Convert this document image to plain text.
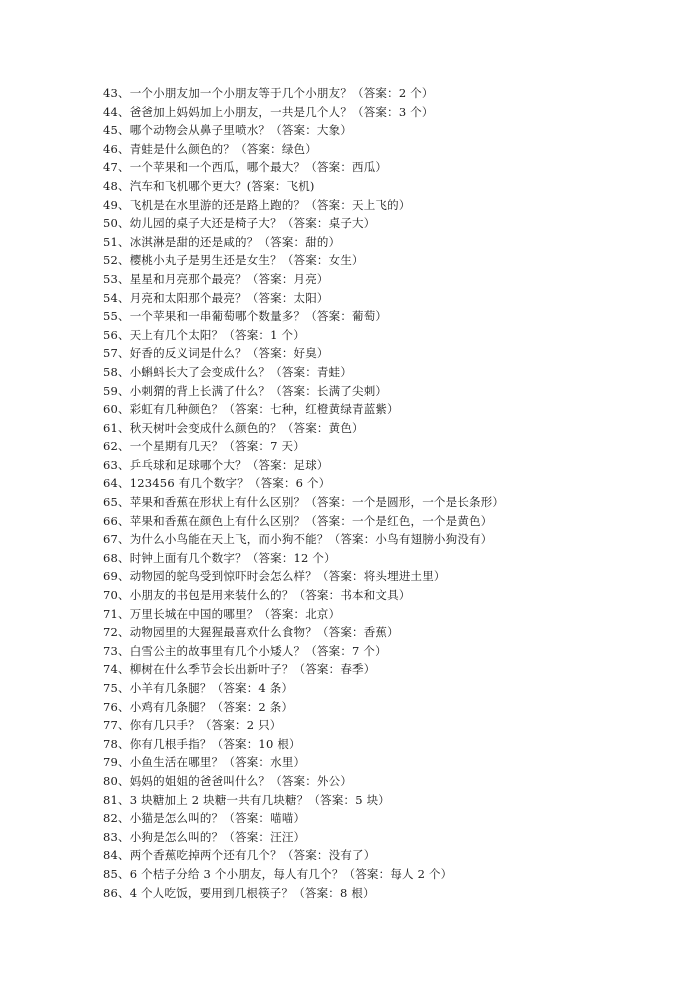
43、一个小朋友加一个小朋友等于几个小朋友？（答案：2 个）
44、爸爸加上妈妈加上小朋友，一共是几个人？（答案：3 个）
45、哪个动物会从鼻子里喷水？（答案：大象）
46、青蛙是什么颜色的？（答案：绿色）
47、一个苹果和一个西瓜，哪个最大？（答案：西瓜）
48、汽车和飞机哪个更大？(答案：飞机)
49、飞机是在水里游的还是路上跑的？（答案：天上飞的）
50、幼儿园的桌子大还是椅子大？（答案：桌子大）
51、冰淇淋是甜的还是咸的？（答案：甜的）
52、樱桃小丸子是男生还是女生？（答案：女生）
53、星星和月亮那个最亮？（答案：月亮）
54、月亮和太阳那个最亮？（答案：太阳）
55、一个苹果和一串葡萄哪个数量多？（答案：葡萄）
56、天上有几个太阳？（答案：1 个）
57、好香的反义词是什么？（答案：好臭）
58、小蝌蚪长大了会变成什么？（答案：青蛙）
59、小刺猬的背上长满了什么？（答案：长满了尖刺）
60、彩虹有几种颜色？（答案：七种，红橙黄绿青蓝紫）
61、秋天树叶会变成什么颜色的？（答案：黄色）
62、一个星期有几天？（答案：7 天）
63、乒乓球和足球哪个大？（答案：足球）
64、123456 有几个数字？（答案：6 个）
65、苹果和香蕉在形状上有什么区别？（答案：一个是圆形，一个是长条形）
66、苹果和香蕉在颜色上有什么区别？（答案：一个是红色，一个是黄色）
67、为什么小鸟能在天上飞，而小狗不能？（答案：小鸟有翅膀小狗没有）
68、时钟上面有几个数字？（答案：12 个）
69、动物园的鸵鸟受到惊吓时会怎么样？（答案：将头埋进土里）
70、小朋友的书包是用来装什么的？（答案：书本和文具）
71、万里长城在中国的哪里？（答案：北京）
72、动物园里的大猩猩最喜欢什么食物？（答案：香蕉）
73、白雪公主的故事里有几个小矮人？（答案：7 个）
74、柳树在什么季节会长出新叶子？（答案：春季）
75、小羊有几条腿？（答案：4 条）
76、小鸡有几条腿？（答案：2 条）
77、你有几只手？（答案：2 只）
78、你有几根手指？（答案：10 根）
79、小鱼生活在哪里？（答案：水里）
80、妈妈的姐姐的爸爸叫什么？（答案：外公）
81、3 块糖加上 2 块糖一共有几块糖？（答案：5 块）
82、小猫是怎么叫的？（答案：喵喵）
83、小狗是怎么叫的？（答案：汪汪）
84、两个香蕉吃掉两个还有几个？（答案：没有了）
85、6 个桔子分给 3 个小朋友，每人有几个？（答案：每人 2 个）
86、4 个人吃饭，要用到几根筷子？（答案：8 根）
